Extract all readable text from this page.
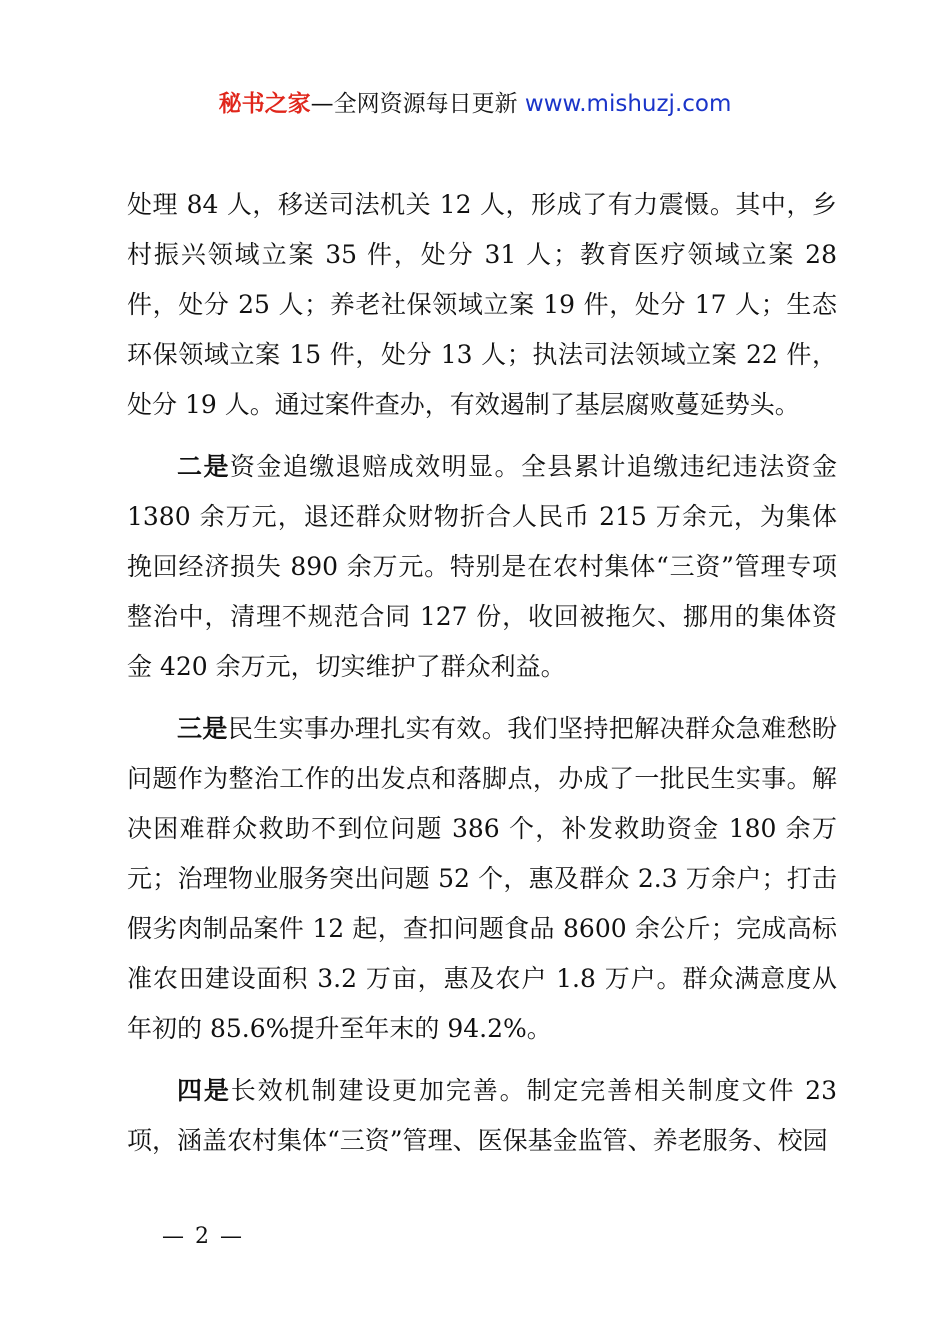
秘书之家—全网资源每日更新 www.mishuzj.com

处理 84 人，移送司法机关 12 人，形成了有力震慑。其中，乡村振兴领域立案 35 件，处分 31 人；教育医疗领域立案 28 件，处分 25 人；养老社保领域立案 19 件，处分 17 人；生态环保领域立案 15 件，处分 13 人；执法司法领域立案 22 件，处分 19 人。通过案件查办，有效遏制了基层腐败蔓延势头。

二是资金追缴退赔成效明显。全县累计追缴违纪违法资金 1380 余万元，退还群众财物折合人民币 215 万余元，为集体挽回经济损失 890 余万元。特别是在农村集体“三资”管理专项整治中，清理不规范合同 127 份，收回被拖欠、挪用的集体资金 420 余万元，切实维护了群众利益。

三是民生实事办理扎实有效。我们坚持把解决群众急难愁盼问题作为整治工作的出发点和落脚点，办成了一批民生实事。解决困难群众救助不到位问题 386 个，补发救助资金 180 余万元；治理物业服务突出问题 52 个，惠及群众 2.3 万余户；打击假劣肉制品案件 12 起，查扣问题食品 8600 余公斤；完成高标准农田建设面积 3.2 万亩，惠及农户 1.8 万户。群众满意度从年初的 85.6%提升至年末的 94.2%。

四是长效机制建设更加完善。制定完善相关制度文件 23 项，涵盖农村集体“三资”管理、医保基金监管、养老服务、校园

— 2 —
